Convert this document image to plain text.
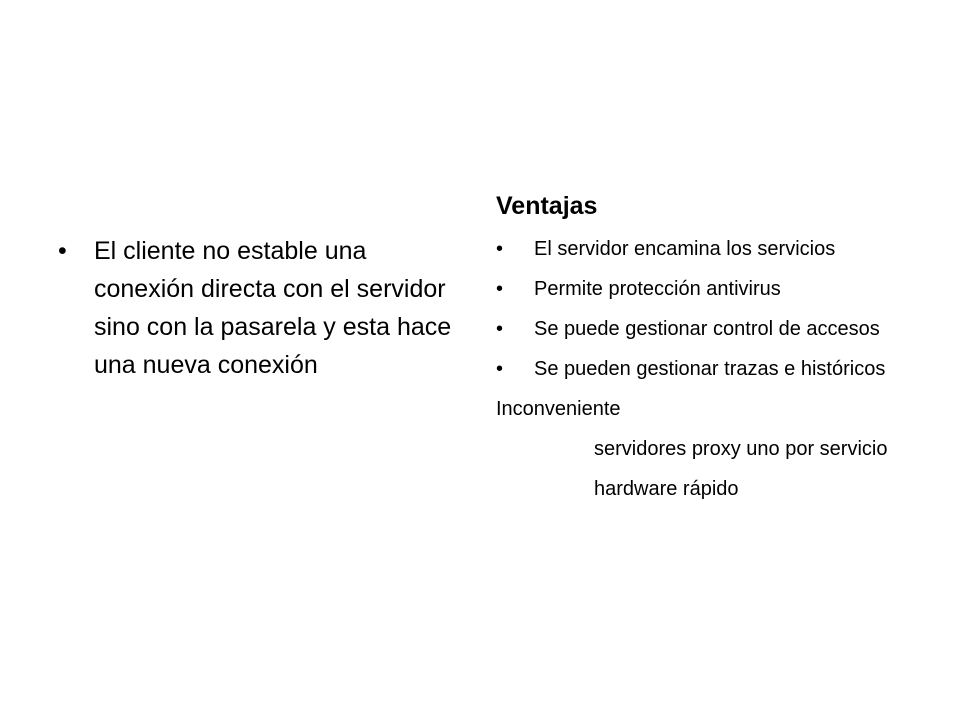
• El cliente no estable una conexión directa con el servidor sino con la pasarela y esta hace una nueva conexión
Ventajas
• El servidor encamina los servicios
• Permite protección antivirus
• Se puede gestionar control de accesos
• Se pueden gestionar trazas e históricos
Inconveniente
servidores proxy uno por servicio
hardware rápido
